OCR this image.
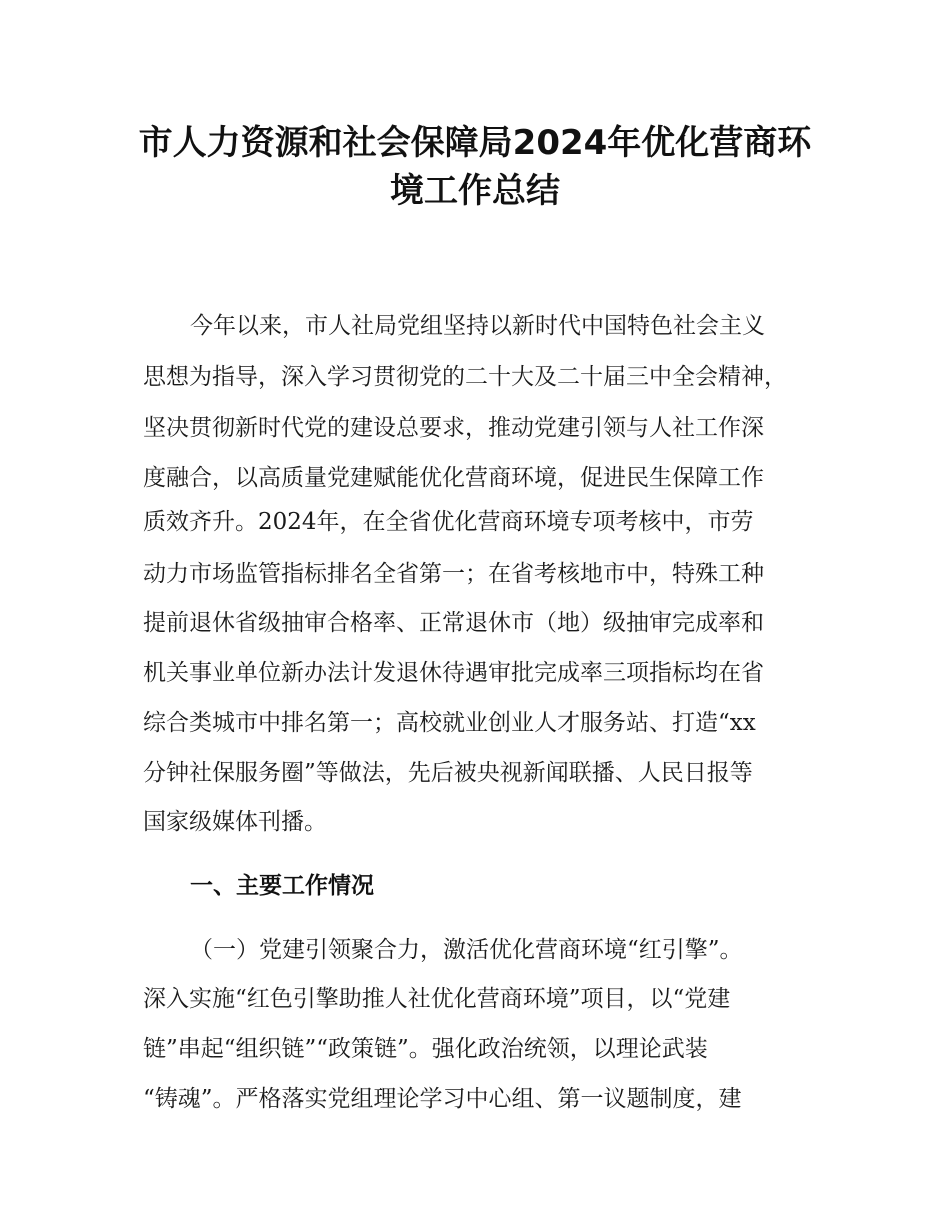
市人力资源和社会保障局2024年优化营商环
境工作总结
今年以来，市人社局党组坚持以新时代中国特色社会主义
思想为指导，深入学习贯彻党的二十大及二十届三中全会精神，
坚决贯彻新时代党的建设总要求，推动党建引领与人社工作深
度融合，以高质量党建赋能优化营商环境，促进民生保障工作
质效齐升。2024年，在全省优化营商环境专项考核中，市劳
动力市场监管指标排名全省第一；在省考核地市中，特殊工种
提前退休省级抽审合格率、正常退休市（地）级抽审完成率和
机关事业单位新办法计发退休待遇审批完成率三项指标均在省
综合类城市中排名第一；高校就业创业人才服务站、打造“xx
分钟社保服务圈”等做法，先后被央视新闻联播、人民日报等
国家级媒体刊播。
一、主要工作情况
（一）党建引领聚合力，激活优化营商环境“红引擎”。
深入实施“红色引擎助推人社优化营商环境”项目，以“党建
链”串起“组织链”“政策链”。强化政治统领，以理论武装
“铸魂”。严格落实党组理论学习中心组、第一议题制度，建
